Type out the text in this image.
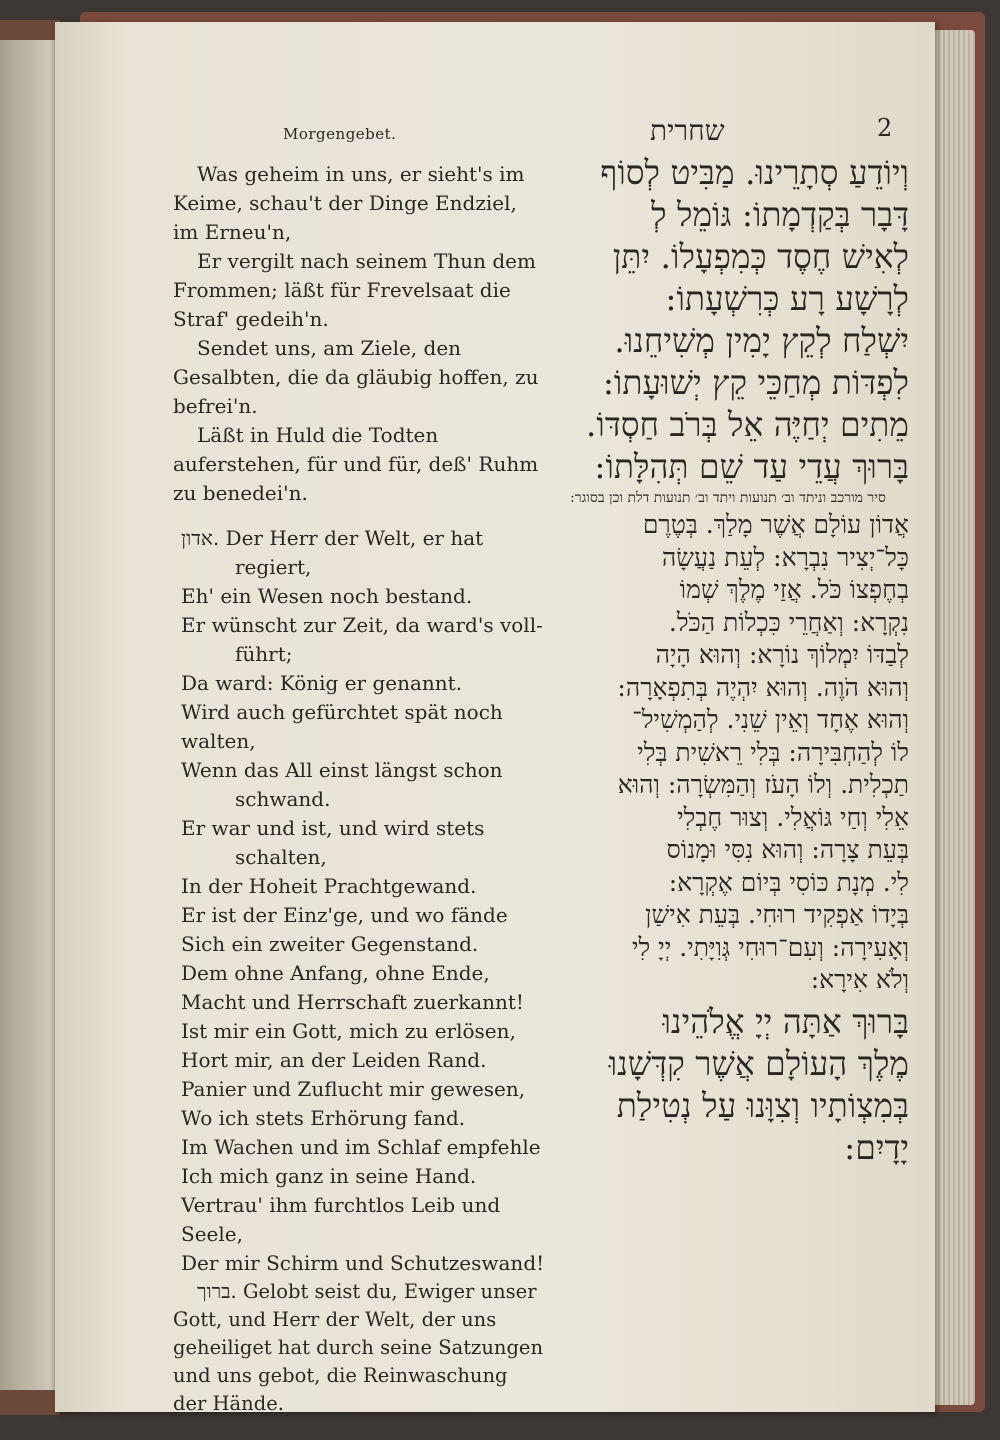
Morgengebet.	שחרית	2

Was geheim in uns, er sieht's im Keime, schau't der Dinge Endziel, im Erneu'n,

Er vergilt nach seinem Thun dem Frommen; läßt für Frevelsaat die Straf' gedeih'n.

Sendet uns, am Ziele, den Gesalbten, die da gläubig hoffen, zu befrei'n.

Läßt in Huld die Todten auferstehen, für und für, deß' Ruhm zu benedei'n.

אדון. Der Herr der Welt, er hat
regiert,
Eh' ein Wesen noch bestand.
Er wünscht zur Zeit, da ward's voll-
führt;
Da ward: König er genannt.
Wird auch gefürchtet spät noch walten,
Wenn das All einst längst schon
schwand.
Er war und ist, und wird stets
schalten,
In der Hoheit Prachtgewand.
Er ist der Einz'ge, und wo fände
Sich ein zweiter Gegenstand.
Dem ohne Anfang, ohne Ende,
Macht und Herrschaft zuerkannt!
Ist mir ein Gott, mich zu erlösen,
Hort mir, an der Leiden Rand.
Panier und Zuflucht mir gewesen,
Wo ich stets Erhörung fand.
Im Wachen und im Schlaf empfehle
Ich mich ganz in seine Hand.
Vertrau' ihm furchtlos Leib und Seele,
Der mir Schirm und Schutzeswand!

ברוך. Gelobt seist du, Ewiger unser Gott, und Herr der Welt, der uns geheiliget hat durch seine Satzungen und uns gebot, die Reinwaschung der Hände.

וְיוֹדֵעַ סְתָרֵינוּ. מַבִּיט לְסוֹף

דָּבָר בְּקַדְמָתוֹ: גּוֹמֵל לְ

לְאִישׁ חֶסֶד כְּמִפְעָלוֹ. יִתֵּן

לְרָשָׁע רָע כְּרִשְׁעָתוֹ:

יִשְׁלַח לְקֵץ יָמִין מְשִׁיחֵנוּ.

לִפְדּוֹת מְחַכֵּי קֵץ יְשׁוּעָתוֹ:

מֵתִים יְחַיֶּה אֵל בְּרֹב חַסְדּוֹ.

בָּרוּךְ עֲדֵי עַד שֵׁם תְּהִלָּתוֹ:

סיר מורכב וניתד וב׳ תנועות ויתד וב׳ תנועות דלת וכן בסוגר:

אֲדוֹן עוֹלָם אֲשֶׁר מָלַךְ. בְּטֶרֶם

כָּל־יְצִיר נִבְרָא: לְעֵת נַעֲשָׂה

בְחֶפְצוֹ כֹּל. אֲזַי מֶלֶךְ שְׁמוֹ

נִקְרָא: וְאַחֲרֵי כִּכְלוֹת הַכֹּל.

לְבַדּוֹ יִמְלוֹךְ נוֹרָא: וְהוּא הָיָה

וְהוּא הֹוֶה. וְהוּא יִהְיֶה בְּתִפְאָרָה:

וְהוּא אֶחָד וְאֵין שֵׁנִי. לְהַמְשִׁיל־

לוֹ לְהַחְבִּירָה: בְּלִי רֵאשִׁית בְּלִי

תַכְלִית. וְלוֹ הָעֹז וְהַמִּשְׂרָה: וְהוּא

אֵלִי וְחַי גּוֹאֲלִי. וְצוּר חֶבְלִי

בְּעֵת צָרָה: וְהוּא נִסִּי וּמָנוֹס

לִי. מְנָת כּוֹסִי בְּיוֹם אֶקְרָא:

בְּיָדוֹ אַפְקִיד רוּחִי. בְּעֵת אִישַׁן

וְאָעִירָה: וְעִם־רוּחִי גְּוִיָּתִי. יְיָ לִי

וְלֹא אִירָא:

בָּרוּךְ אַתָּה יְיָ אֱלֹהֵינוּ

מֶלֶךְ הָעוֹלָם אֲשֶׁר קִדְּשָׁנוּ

בְּמִצְוֹתָיו וְצִוָּנוּ עַל נְטִילַת

יָדָיִם:
